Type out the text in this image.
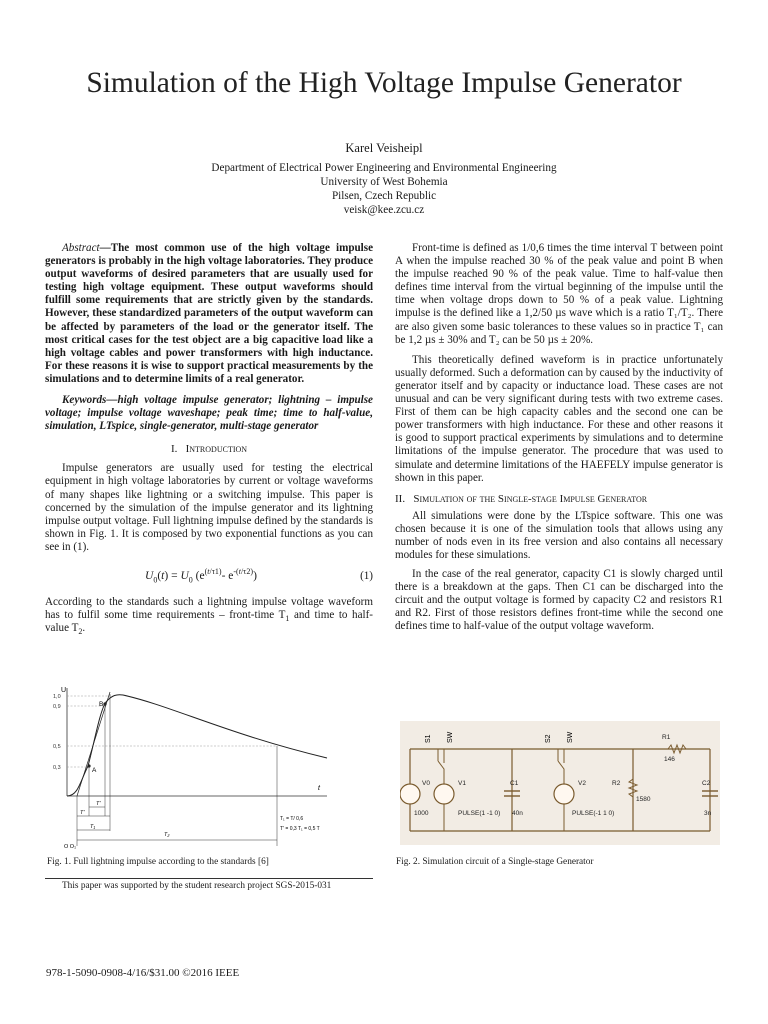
Simulation of the High Voltage Impulse Generator
Karel Veisheipl
Department of Electrical Power Engineering and Environmental Engineering
University of West Bohemia
Pilsen, Czech Republic
veisk@kee.zcu.cz

Abstract—The most common use of the high voltage impulse generators is probably in the high voltage laboratories. They produce output waveforms of desired parameters that are usually used for testing high voltage equipment. These output waveforms should fulfill some requirements that are strictly given by the standards. However, these standardized parameters of the output waveform can be affected by parameters of the load or the generator itself. The most critical cases for the test object are a big capacitive load like a high voltage cables and power transformers with high inductance. For these reasons it is wise to support practical measurements by the simulations and to determine limits of a real generator.

Keywords—high voltage impulse generator; lightning – impulse voltage; impulse voltage waveshape; peak time; time to half-value, simulation, LTspice, single-generator, multi-stage generator

I. Introduction

Impulse generators are usually used for testing the electrical equipment in high voltage laboratories by current or voltage waveforms of many shapes like lightning or a switching impulse. This paper is concerned by the simulation of the impulse generator and its lightning impulse output voltage. Full lightning impulse defined by the standards is shown in Fig. 1. It is composed by two exponential functions as you can see in (1).

$U_0(t) = U_0$ ($e^{(t/\tau 1)}-$ $e^{-(t/\tau 2)}$)	(1)

According to the standards such a lightning impulse voltage waveform has to fulfil some time requirements – front-time $T_1$ and time to half-value $T_2$.

U
t
1,0
0,9
0,5
0,3	A
B
T'
T'
T₁
T₂
O O₁
T₁ = T/ 0,6
T' = 0,3 T₁ = 0,5 T
Fig. 1. Full lightning impulse according to the standards [6]
This paper was supported by the student research project SGS-2015-031
978-1-5090-0908-4/16/$31.00 ©2016 IEEE

Front-time is defined as 1/0,6 times the time interval T between point A when the impulse reached 30 % of the peak value and point B when the impulse reached 90 % of the peak value. Time to half-value then defines time interval from the virtual beginning of the impulse until the time when voltage drops down to 50 % of a peak value. Lightning impulse is the defined like a 1,2/50 µs wave which is a ratio T₁/T₂. There are also given some basic tolerances to these values so in practice T₁ can be 1,2 µs ± 30% and T₂ can be 50 µs ± 20%.

This theoretically defined waveform is in practice unfortunately usually deformed. Such a deformation can by caused by the inductivity of generator itself and by capacity or inductance load. These cases are not unusual and can be very significant during tests with two extreme cases. First of them can be high capacity cables and the second one can be power transformers with high inductance. For these and other reasons it is good to support practical experiments by simulations and to determine limitations of the impulse generator. The procedure that was used to simulate and determine limitations of the HAEFELY impulse generator is shown in this paper.

II. Simulation of the Single-stage Impulse Generator

All simulations were done by the LTspice software. This one was chosen because it is one of the simulation tools that allows using any number of nods even in its free version and also contains all necessary modules for these simulations.

In the case of the real generator, capacity C1 is slowly charged until there is a breakdown at the gaps. Then C1 can be discharged into the circuit and the output voltage is formed by capacity C2 and resistors R1 and R2. First of those resistors defines front-time while the second one defines time to half-value of the output voltage waveform.

S1 SW	S2 SW
V0
1000
V1
PULSE(1 -1 0)
C1
40n
V2
PULSE(-1 1 0)
R1
146
R2
1580
C2
3n
Fig. 2. Simulation circuit of a Single-stage Generator
